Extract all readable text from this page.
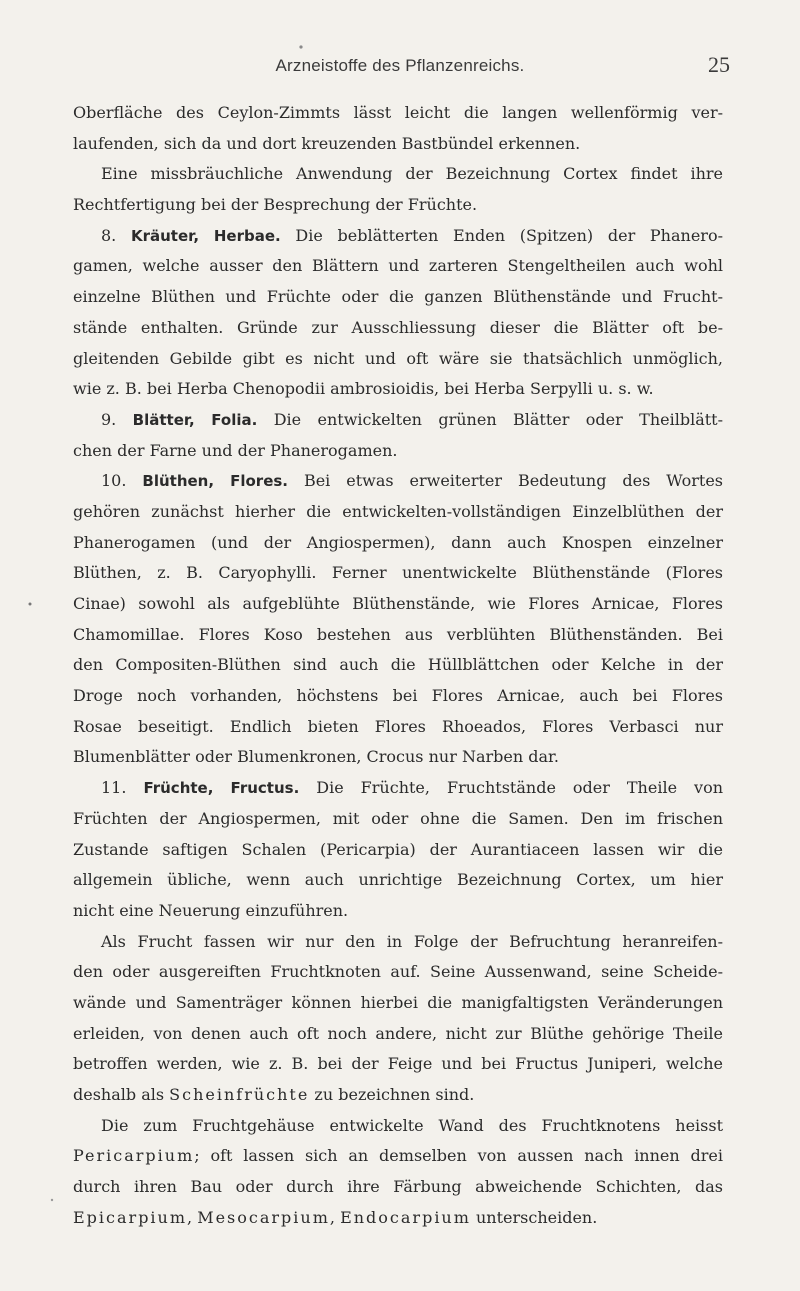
Arzneistoffe des Pflanzenreichs.	25
Oberfläche des Ceylon-Zimmts lässt leicht die langen wellenförmig ver-
laufenden, sich da und dort kreuzenden Bastbündel erkennen.
Eine missbräuchliche Anwendung der Bezeichnung Cortex findet ihre
Rechtfertigung bei der Besprechung der Früchte.
8. Kräuter, Herbae. Die beblätterten Enden (Spitzen) der Phanero-
gamen, welche ausser den Blättern und zarteren Stengeltheilen auch wohl
einzelne Blüthen und Früchte oder die ganzen Blüthenstände und Frucht-
stände enthalten. Gründe zur Ausschliessung dieser die Blätter oft be-
gleitenden Gebilde gibt es nicht und oft wäre sie thatsächlich unmöglich,
wie z. B. bei Herba Chenopodii ambrosioidis, bei Herba Serpylli u. s. w.
9. Blätter, Folia. Die entwickelten grünen Blätter oder Theilblätt-
chen der Farne und der Phanerogamen.
10. Blüthen, Flores. Bei etwas erweiterter Bedeutung des Wortes
gehören zunächst hierher die entwickelten-vollständigen Einzelblüthen der
Phanerogamen (und der Angiospermen), dann auch Knospen einzelner
Blüthen, z. B. Caryophylli. Ferner unentwickelte Blüthenstände (Flores
Cinae) sowohl als aufgeblühte Blüthenstände, wie Flores Arnicae, Flores
Chamomillae. Flores Koso bestehen aus verblühten Blüthenständen. Bei
den Compositen-Blüthen sind auch die Hüllblättchen oder Kelche in der
Droge noch vorhanden, höchstens bei Flores Arnicae, auch bei Flores
Rosae beseitigt. Endlich bieten Flores Rhoeados, Flores Verbasci nur
Blumenblätter oder Blumenkronen, Crocus nur Narben dar.
11. Früchte, Fructus. Die Früchte, Fruchtstände oder Theile von
Früchten der Angiospermen, mit oder ohne die Samen. Den im frischen
Zustande saftigen Schalen (Pericarpia) der Aurantiaceen lassen wir die
allgemein übliche, wenn auch unrichtige Bezeichnung Cortex, um hier
nicht eine Neuerung einzuführen.
Als Frucht fassen wir nur den in Folge der Befruchtung heranreifen-
den oder ausgereiften Fruchtknoten auf. Seine Aussenwand, seine Scheide-
wände und Samenträger können hierbei die manigfaltigsten Veränderungen
erleiden, von denen auch oft noch andere, nicht zur Blüthe gehörige Theile
betroffen werden, wie z. B. bei der Feige und bei Fructus Juniperi, welche
deshalb als Scheinfrüchte zu bezeichnen sind.
Die zum Fruchtgehäuse entwickelte Wand des Fruchtknotens heisst
Pericarpium; oft lassen sich an demselben von aussen nach innen drei
durch ihren Bau oder durch ihre Färbung abweichende Schichten, das
Epicarpium, Mesocarpium, Endocarpium unterscheiden.
